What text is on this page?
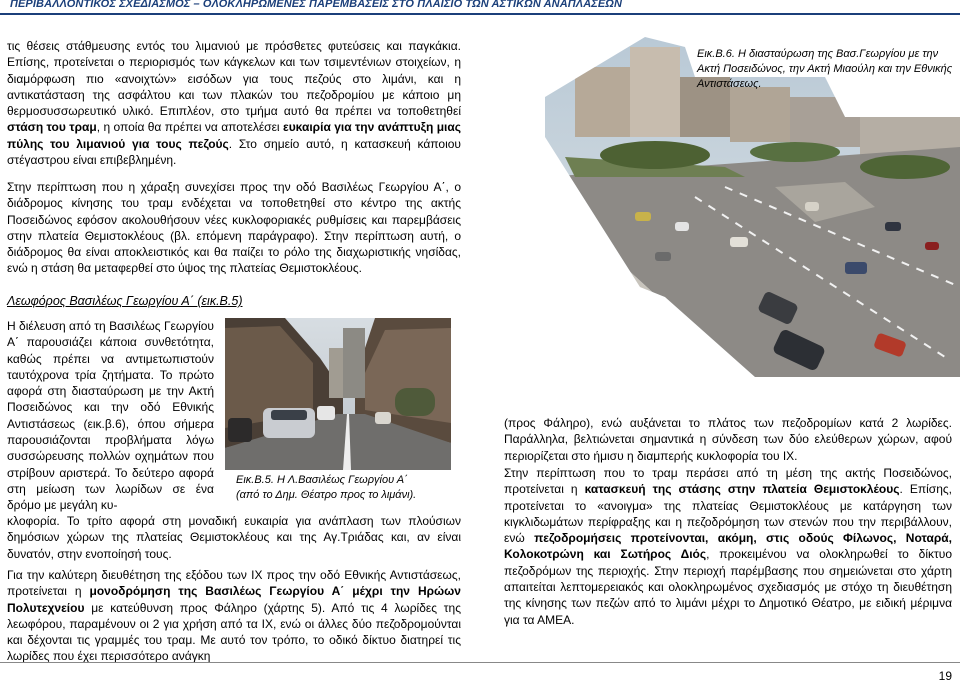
ΠΕΡΙΒΑΛΛΟΝΤΙΚΟΣ ΣΧΕΔΙΑΣΜΟΣ – ΟΛΟΚΛΗΡΩΜΕΝΕΣ ΠΑΡΕΜΒΑΣΕΙΣ ΣΤΟ ΠΛΑΙΣΙΟ ΤΩΝ ΑΣΤΙΚΩΝ ΑΝΑΠΛΑΣΕΩΝ

τις θέσεις στάθμευσης εντός του λιμανιού με πρόσθετες φυτεύσεις και παγκάκια. Επίσης, προτείνεται ο περιορισμός των κάγκελων και των τσιμεντένιων στοιχείων, η διαμόρφωση πιο «ανοιχτών» εισόδων για τους πεζούς στο λιμάνι, και η αντικατάσταση της ασφάλτου και των πλακών του πεζοδρομίου με κάποιο μη θερμοσυσσωρευτικό υλικό. Επιπλέον, στο τμήμα αυτό θα πρέπει να τοποθετηθεί στάση του τραμ, η οποία θα πρέπει να αποτελέσει ευκαιρία για την ανάπτυξη μιας πύλης του λιμανιού για τους πεζούς. Στο σημείο αυτό, η κατασκευή κάποιου στέγαστρου είναι επιβεβλημένη.

Στην περίπτωση που η χάραξη συνεχίσει προς την οδό Βασιλέως Γεωργίου Α΄, ο διάδρομος κίνησης του τραμ ενδέχεται να τοποθετηθεί στο κέντρο της ακτής Ποσειδώνος εφόσον ακολουθήσουν νέες κυκλοφοριακές ρυθμίσεις και παρεμβάσεις στην πλατεία Θεμιστοκλέους (βλ. επόμενη παράγραφο). Στην περίπτωση αυτή, ο διάδρομος θα είναι αποκλειστικός και θα παίζει το ρόλο της διαχωριστικής νησίδας, ενώ η στάση θα μεταφερθεί στο ύψος της πλατείας Θεμιστοκλέους.

Λεωφόρος Βασιλέως Γεωργίου Α΄ (εικ.Β.5)

Η διέλευση από τη Βασιλέως Γεωργίου Α΄ παρουσιάζει κάποια συνθετότητα, καθώς πρέπει να αντιμετωπιστούν ταυτόχρονα τρία ζητήματα. Το πρώτο αφορά στη διασταύρωση με την Ακτή Ποσειδώνος και την οδό Εθνικής Αντιστάσεως (εικ.β.6), όπου σήμερα παρουσιάζονται προβλήματα λόγω συσσώρευσης πολλών οχημάτων που στρίβουν αριστερά. Το δεύτερο αφορά στη μείωση των λωρίδων σε ένα δρόμο με μεγάλη κυ-

κλοφορία. Το τρίτο αφορά στη μοναδική ευκαιρία για ανάπλαση των πλούσιων δημόσιων χώρων της πλατείας Θεμιστοκλέους και της Αγ.Τριάδας και, αν είναι δυνατόν, στην ενοποίησή τους.

Για την καλύτερη διευθέτηση της εξόδου των ΙΧ προς την οδό Εθνικής Αντιστάσεως, προτείνεται η μονοδρόμηση της Βασιλέως Γεωργίου Α΄ μέχρι την Ηρώων Πολυτεχνείου με κατεύθυνση προς Φάληρο (χάρτης 5). Από τις 4 λωρίδες της λεωφόρου, παραμένουν οι 2 για χρήση από τα ΙΧ, ενώ οι άλλες δύο πεζοδρομούνται και δέχονται τις γραμμές του τραμ. Με αυτό τον τρόπο, το οδικό δίκτυο διατηρεί τις λωρίδες που έχει περισσότερο ανάγκη

Εικ.Β.5. Η Λ.Βασιλέως Γεωργίου Α΄
(από το Δημ. Θέατρο προς το λιμάνι).
Εικ.Β.6. Η διασταύρωση της Βασ.Γεωργίου με την Ακτή Ποσειδώνος, την Ακτή Μιαούλη και την Εθνικής Αντιστάσεως.

(προς Φάληρο), ενώ αυξάνεται το πλάτος των πεζοδρομίων κατά 2 λωρίδες. Παράλληλα, βελτιώνεται σημαντικά η σύνδεση των δύο ελεύθερων χώρων, αφού περιορίζεται στο ήμισυ η διαμπερής κυκλοφορία του ΙΧ.

Στην περίπτωση που το τραμ περάσει από τη μέση της ακτής Ποσειδώνος, προτείνεται η κατασκευή της στάσης στην πλατεία Θεμιστοκλέους. Επίσης, προτείνεται το «ανοιγμα» της πλατείας Θεμιστοκλέους με κατάργηση των κιγκλιδωμάτων περίφραξης και η πεζοδρόμηση των στενών που την περιβάλλουν, ενώ πεζοδρομήσεις προτείνονται, ακόμη, στις οδούς Φίλωνος, Νοταρά, Κολοκοτρώνη και Σωτήρος Διός, προκειμένου να ολοκληρωθεί το δίκτυο πεζοδρόμων της περιοχής. Στην περιοχή παρέμβασης που σημειώνεται στο χάρτη απαιτείται λεπτομερειακός και ολοκληρωμένος σχεδιασμός με στόχο τη διευθέτηση της κίνησης των πεζών από το λιμάνι μέχρι το Δημοτικό Θέατρο, με ειδική μέριμνα για τα ΑΜΕΑ.

19
